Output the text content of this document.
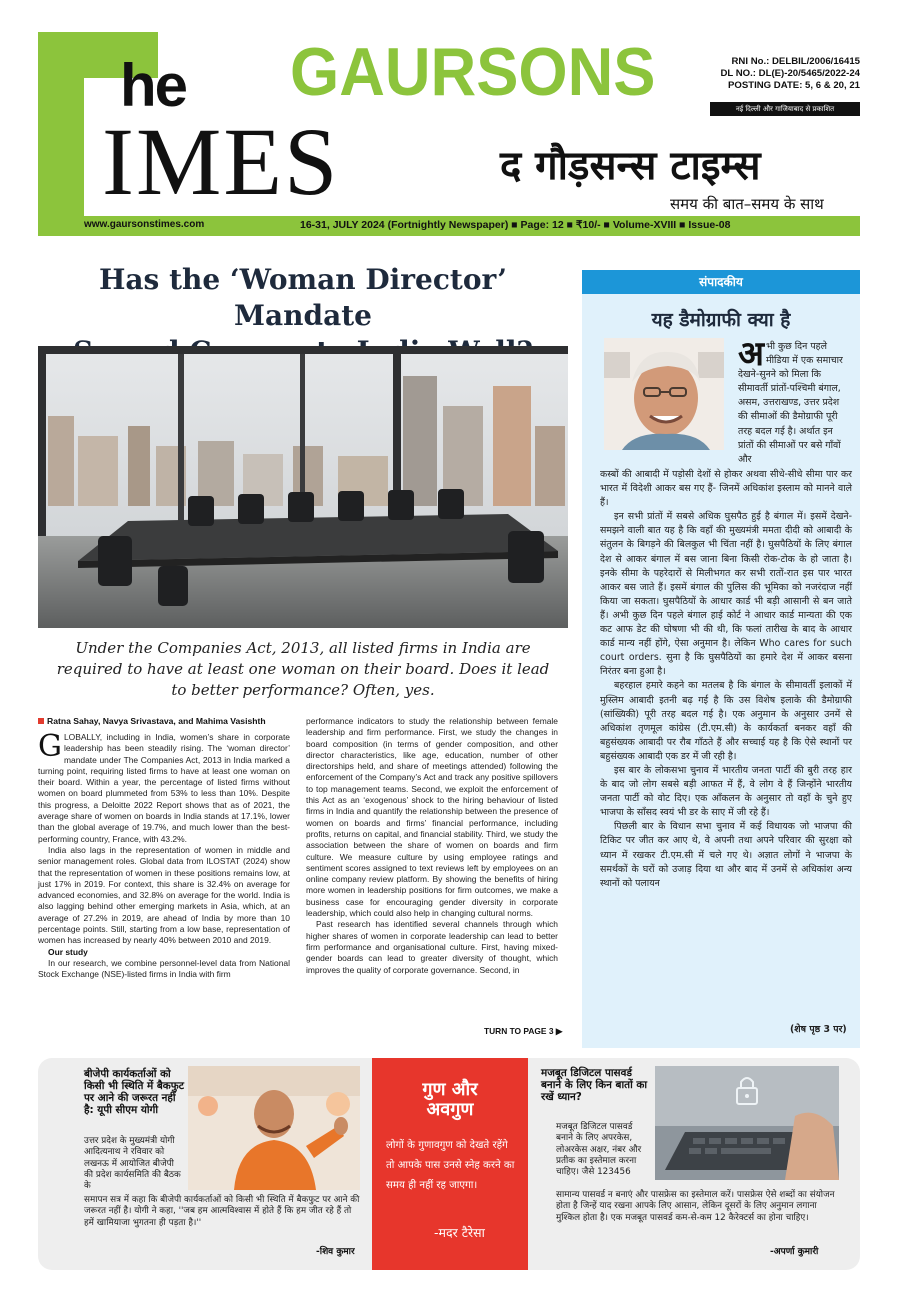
he GAURSONS
IMES	द गौड़सन्स टाइम्स
समय की बात–समय के साथ
RNI No.: DELBIL/2006/16415
DL NO.: DL(E)-20/5465/2022-24
POSTING DATE: 5, 6 & 20, 21
नई दिल्ली और गाजियाबाद से प्रकाशित
www.gaursonstimes.com	16-31, JULY 2024 (Fortnightly Newspaper) ■ Page: 12 ■ ₹10/- ■ Volume-XVIII ■ Issue-08
Has the ‘Woman Director’ Mandate
Under the Companies Act, 2013, all listed firms in India are required to have at least one woman on their board. Does it lead to better performance? Often, yes.
Ratna Sahay, Navya Srivastava, and Mahima Vasishth

GLOBALLY, including in India, women’s share in corporate leadership has been steadily rising. The ‘woman director’ mandate under The Companies Act, 2013 in India marked a turning point, requiring listed firms to have at least one woman on their board. Within a year, the percentage of listed firms without women on board plummeted from 53% to less than 10%. Despite this progress, a Deloitte 2022 Report shows that as of 2021, the average share of women on boards in India stands at 17.1%, lower than the global average of 19.7%, and much lower than the best-performing country, France, with 43.2%.

India also lags in the representation of women in middle and senior management roles. Global data from ILOSTAT (2024) show that the representation of women in these positions remains low, at just 17% in 2019. For context, this share is 32.4% on average for advanced economies, and 32.8% on average for the world. India is also lagging behind other emerging markets in Asia, which, at an average of 27.2% in 2019, are ahead of India by more than 10 percentage points. Still, starting from a low base, representation of women has increased by nearly 40% between 2010 and 2019.

Our study

In our research, we combine personnel-level data from National Stock Exchange (NSE)-listed firms in India with firm

performance indicators to study the relationship between female leadership and firm performance. First, we study the changes in board composition (in terms of gender composition, and other director characteristics, like age, education, number of other directorships held, and share of meetings attended) following the enforcement of the Company’s Act and track any positive spillovers to top management teams. Second, we exploit the enforcement of this Act as an ‘exogenous’ shock to the hiring behaviour of listed firms in India and quantify the relationship between the presence of women on boards and firms’ financial performance, including profits, returns on capital, and financial stability. Third, we study the association between the share of women on boards and firm culture. We measure culture by using employee ratings and sentiment scores assigned to text reviews left by employees on an online company review platform. By showing the benefits of hiring more women in leadership positions for firm outcomes, we make a business case for encouraging gender diversity in corporate leadership, which could also help in changing cultural norms.

Past research has identified several channels through which higher shares of women in corporate leadership can lead to better firm performance and organisational culture. First, having mixed-gender boards can lead to greater diversity of thought, which improves the quality of corporate governance. Second, in

TURN TO PAGE 3 ▶
संपादकीय
यह डैमोग्राफी क्या है

अभी कुछ दिन पहले मीडिया में एक समाचार देखने-सुनने को मिला कि सीमावर्ती प्रांतों-पश्चिमी बंगाल, असम, उत्तराखण्ड, उत्तर प्रदेश की सीमाओं की डैमोग्राफी पूरी तरह बदल गई है। अर्थात इन प्रांतों की सीमाओं पर बसे गाँवों और

कस्बों की आबादी में पड़ोसी देशों से होकर अथवा सीधे-सीधे सीमा पार कर भारत में विदेशी आकर बस गए हैं- जिनमें अधिकांश इस्लाम को मानने वाले हैं।

इन सभी प्रांतों में सबसे अधिक घुसपैठ हुई है बंगाल में। इसमें देखने-समझने वाली बात यह है कि वहाँ की मुख्यमंत्री ममता दीदी को आबादी के संतुलन के बिगड़ने की बिलकुल भी चिंता नहीं है। घुसपैठियों के लिए बंगाल देश से आकर बंगाल में बस जाना बिना किसी रोक-टोक के हो जाता है। इनके सीमा के पहरेदारों से मिलीभगत कर सभी रातों-रात इस पार भारत आकर बस जाते हैं। इसमें बंगाल की पुलिस की भूमिका को नजरंदाज नहीं किया जा सकता। घुसपैठियों के आधार कार्ड भी बड़ी आसानी से बन जाते हैं। अभी कुछ दिन पहले बंगाल हाई कोर्ट ने आधार कार्ड मान्यता की एक कट आफ डेट की घोषणा भी की थी, कि फलां तारीख के बाद के आधार कार्ड मान्य नहीं होंगे, ऐसा अनुमान है। लेकिन Who cares for such court orders. सुना है कि घुसपैठियों का हमारे देश में आकर बसना निरंतर बना हुआ है।

बहरहाल हमारे कहने का मतलब है कि बंगाल के सीमावर्ती इलाकों में मुस्लिम आबादी इतनी बढ़ गई है कि उस विशेष इलाके की डैमोग्राफी (सांख्यिकी) पूरी तरह बदल गई है। एक अनुमान के अनुसार उनमें से अधिकांश तृणमूल कांग्रेस (टी.एम.सी) के कार्यकर्ता बनकर वहाँ की बहुसंख्यक आबादी पर रौब गाँठते हैं और सच्चाई यह है कि ऐसे स्थानों पर बहुसंख्यक आबादी एक डर में जी रही है।

इस बार के लोकसभा चुनाव में भारतीय जनता पार्टी की बुरी तरह हार के बाद जो लोग सबसे बड़ी आफत में हैं, वे लोग वे हैं जिन्होंने भारतीय जनता पार्टी को वोट दिए। एक आँकलन के अनुसार तो वहाँ के चुने हुए भाजपा के साँसद स्वयं भी डर के साए में जी रहे हैं।

पिछली बार के विधान सभा चुनाव में कई विधायक जो भाजपा की टिकिट पर जीत कर आए थे, वे अपनी तथा अपने परिवार की सुरक्षा को ध्यान में रखकर टी.एम.सी में चले गए थे। अज्ञात लोगों ने भाजपा के समर्थकों के घरों को उजाड़ दिया था और बाद में उनमें से अधिकांश अन्य स्थानों को पलायन

(शेष पृष्ठ 3 पर)
बीजेपी कार्यकर्ताओं को किसी भी स्थिति में बैकफुट पर आने की जरूरत नहीं है: यूपी सीएम योगी
उत्तर प्रदेश के मुख्यमंत्री योगी आदित्यनाथ ने रविवार को लखनऊ में आयोजित बीजेपी की प्रदेश कार्यसमिति की बैठक के
समापन सत्र में कहा कि बीजेपी कार्यकर्ताओं को किसी भी स्थिति में बैकफुट पर आने की जरूरत नहीं है। योगी ने कहा, ''जब हम आत्मविश्वास में होते हैं कि हम जीत रहे हैं तो हमें खामियाजा भुगतना ही पड़ता है।''
-शिव कुमार
गुण और
अवगुण
लोगों के गुणावगुण को देखते रहेंगे तो आपके पास उनसे स्नेह करने का समय ही नहीं रह जाएगा।
-मदर टैरेसा
मजबूत डिजिटल पासवर्ड बनाने के लिए किन बातों का रखें ध्यान?
मजबूत डिजिटल पासवर्ड बनाने के लिए अपरकेस, लोअरकेस अक्षर, नंबर और प्रतीक का इस्तेमाल करना चाहिए। जैसे 123456
सामान्य पासवर्ड न बनाएं और पासफ्रेस का इस्तेमाल करें। पासफ्रेस ऐसे शब्दों का संयोजन होता है जिन्हें याद रखना आपके लिए आसान, लेकिन दूसरों के लिए अनुमान लगाना मुश्किल होता है। एक मजबूत पासवर्ड कम-से-कम 12 कैरेक्टर्स का होना चाहिए।
-अपर्णा कुमारी
